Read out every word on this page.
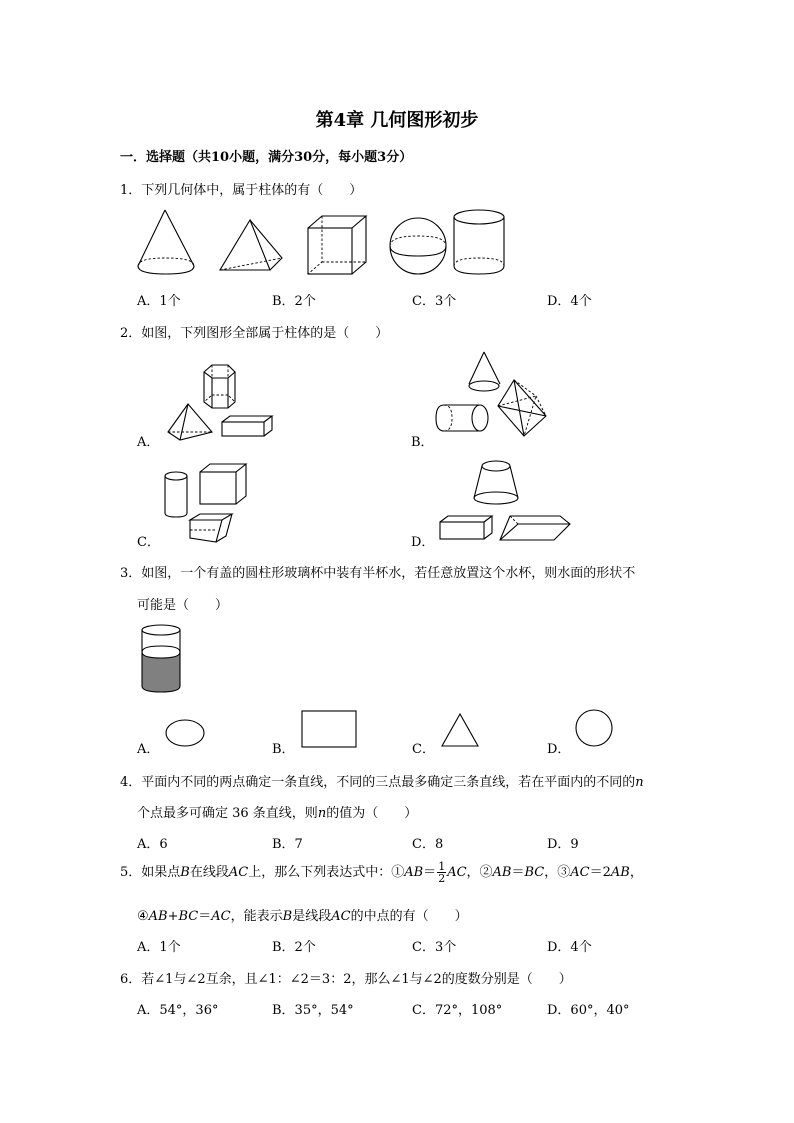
第4章 几何图形初步
一．选择题（共10小题，满分30分，每小题3分）
1．下列几何体中，属于柱体的有（　　）
A．1个	B．2个	C．3个	D．4个
2．如图，下列图形全部属于柱体的是（　　）
A．	B．
C．	D．
3．如图，一个有盖的圆柱形玻璃杯中装有半杯水，若任意放置这个水杯，则水面的形状不
可能是（　　）
A．	B．	C．	D．
4．平面内不同的两点确定一条直线，不同的三点最多确定三条直线，若在平面内的不同的n
个点最多可确定 36 条直线，则n的值为（　　）
A．6	B．7	C．8	D．9
5．如果点B在线段AC上，那么下列表达式中：①AB＝ $\frac{1}{2}$ AC，②AB＝BC，③AC＝2AB，
④AB+BC＝AC，能表示B是线段AC的中点的有（　　）
A．1个	B．2个	C．3个	D．4个
6．若∠1与∠2互余，且∠1：∠2＝3：2，那么∠1与∠2的度数分别是（　　）
A．54°，36°	B．35°，54°	C．72°，108°	D．60°，40°
